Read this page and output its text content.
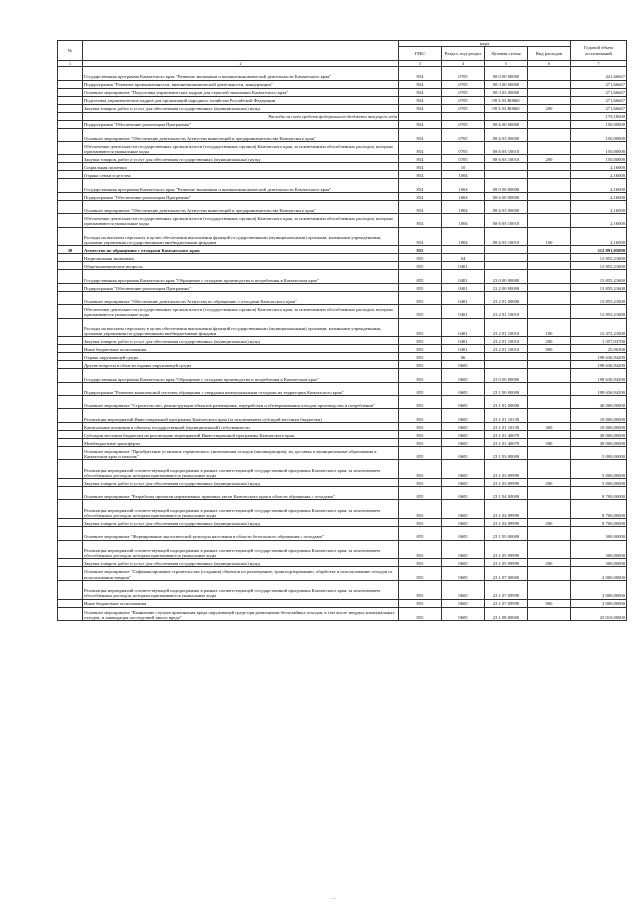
№		коды				Годовой объем ассигнований
		ГРБС	Раздел, под-раздел	Целевая статья	Вид расходов	
1	2	3	4	5	6	7
	Государственная программа Камчатского края "Развитие экономики и внешнеэкономической деятельности Камчатского края"	854	0705	08 0 00 00000		421,66667
	Подпрограмма "Развитие промышленности, внешнеэкономической деятельности, конкуренции"	854	0705	08 3 00 00000		271,66667
	Основное мероприятие "Подготовка управленческих кадров для отраслей экономики Камчатского края"	854	0705	08 3 03 00000		271,66667
	Подготовка управленческих кадров для организаций народного хозяйства Российской Федерации	854	0705	08 3 03 R0660		271,66667
	Закупка товаров, работ и услуг для обеспечения государственных (муниципальных) нужд	854	0705	08 3 03 R0660	200	271,66667
	Расходы за счет средств федерального бюджета текущего года					179,18000
	Подпрограмма "Обеспечение реализации Программы"	854	0705	08 6 00 00000		150,00000
	Основное мероприятие "Обеспечение деятельности Агентства инвестиций и предпринимательства Камчатского края"	854	0705	08 6 03 00000		150,00000
	Обеспечение деятельности государственных органов власти (государственных органов) Камчатского края, за исключением обособленных расходов, которым присваиваются уникальные коды	854	0705	08 6 03 10010		150,00000
	Закупка товаров, работ и услуг для обеспечения государственных (муниципальных) нужд	854	0705	08 6 03 10010	200	150,00000
	Социальная политика	854	10			2,16000
	Охрана семьи и детства	854	1004			2,16000
	Государственная программа Камчатского края "Развитие экономики и внешнеэкономической деятельности Камчатского края"	854	1004	08 0 00 00000		2,16000
	Подпрограмма "Обеспечение реализации Программы"	854	1004	08 6 00 00000		2,16000
	Основное мероприятие "Обеспечение деятельности Агентства инвестиций и предпринимательства Камчатского края"	854	1004	08 6 03 00000		2,16000
	Обеспечение деятельности государственных органов власти (государственных органов) Камчатского края, за исключением обособленных расходов, которым присваиваются уникальные коды	854	1004	08 6 03 10010		2,16000
	Расходы на выплаты персоналу в целях обеспечения выполнения функций государственными (муниципальными) органами, казенными учреждениями, органами управления государственными внебюджетными фондами	854	1004	08 6 03 10010	100	2,16000
38	Агентство по обращению с отходами Камчатского края	855				212 891,05890
	Национальная экономика	855	04			13 855,21600
	Общеэкономические вопросы	855	0401			13 855,21600
	Государственная программа Камчатского края "Обращение с отходами производства и потребления в Камчатском крае"	855	0401	23 0 00 00000		13 855,21600
	Подпрограмма "Обеспечение реализации Программы"	855	0401	23 2 00 00000		13 855,21600
	Основное мероприятие "Обеспечение деятельности Агентства по обращению с отходами Камчатского края"	855	0401	23 2 01 00000		13 855,21600
	Обеспечение деятельности государственных органов власти (государственных органов) Камчатского края, за исключением обособленных расходов, которым присваиваются уникальные коды	855	0401	23 2 01 10010		13 855,21600
	Расходы на выплаты персоналу в целях обеспечения выполнения функций государственными (муниципальными) органами, казенными учреждениями, органами управления государственными внебюджетными фондами	855	0401	23 2 01 10010	100	12 472,21600
	Закупка товаров, работ и услуг для обеспечения государственных (муниципальных) нужд	855	0401	23 2 01 10010	200	1 357,03700
	Иные бюджетные ассигнования	855	0401	23 2 01 10010	800	25,96300
	Охрана окружающей среды	855	06			198 636,94290
	Другие вопросы в области охраны окружающей среды	855	0605			198 636,94290
	Государственная программа Камчатского края "Обращение с отходами производства и потребления в Камчатском крае"	855	0605	23 0 00 00000		198 636,94290
	Подпрограмма "Развитие комплексной системы обращения с твердыми коммунальными отходами на территории Камчатского края"	855	0605	23 1 00 00000		198 636,94290
	Основное мероприятие "Строительство, реконструкция объектов размещения, переработки и обезвреживания отходов производства и потребления"	855	0605	23 1 01 00000		40 000,00000
	Реализация мероприятий Инвестиционной программы Камчатского края (за исключением субсидий местным бюджетам)	855	0605	23 1 01 10130		10 000,00000
	Капитальные вложения в объекты государственной (муниципальной) собственности	855	0605	23 1 01 10130	400	10 000,00000
	Субсидии местным бюджетам на реализацию мероприятий Инвестиционной программы Камчатского края	855	0605	23 1 01 40070		30 000,00000
	Межбюджетные трансферты	855	0605	23 1 01 40070	500	30 000,00000
	Основное мероприятие "Приобретение установок термического уничтожения отходов (инсинераторов), их доставка в муниципальные образования в Камчатском крае и монтаж"	855	0605	23 1 03 00000		5 000,00000
	Реализация мероприятий соответствующей подпрограммы в рамках соответствующей государственной программы Камчатского края, за исключением обособленных расходов, которым присваиваются уникальные коды	855	0605	23 1 03 09990		5 000,00000
	Закупка товаров, работ и услуг для обеспечения государственных (муниципальных) нужд	855	0605	23 1 03 09990	200	5 000,00000
	Основное мероприятие "Разработка проектов нормативных правовых актов Камчатского края в области обращения с отходами"	855	0605	23 1 04 00000		8 700,00000
	Реализация мероприятий соответствующей подпрограммы в рамках соответствующей государственной программы Камчатского края, за исключением обособленных расходов, которым присваиваются уникальные коды	855	0605	23 1 04 09990		8 700,00000
	Закупка товаров, работ и услуг для обеспечения государственных (муниципальных) нужд	855	0605	23 1 04 09990	200	8 700,00000
	Основное мероприятие "Формирование экологической культуры населения в области безопасного обращения с отходами"	855	0605	23 1 05 00000		300,00000
	Реализация мероприятий соответствующей подпрограммы в рамках соответствующей государственной программы Камчатского края, за исключением обособленных расходов, которым присваиваются уникальные коды	855	0605	23 1 05 09990		300,00000
	Закупка товаров, работ и услуг для обеспечения государственных (муниципальных) нужд	855	0605	23 1 05 09990	200	300,00000
	Основное мероприятие "Софинансирование строительства (создания) объектов по размещению, транспортированию, обработке и использованию отходов от использования товаров"	855	0605	23 1 07 00000		2 000,00000
	Реализация мероприятий соответствующей подпрограммы в рамках соответствующей государственной программы Камчатского края, за исключением обособленных расходов, которым присваиваются уникальные коды	855	0605	23 1 07 09990		2 000,00000
	Иные бюджетные ассигнования	855	0605	23 1 07 09990	800	2 000,00000
	Основное мероприятие "Выявление случаев причинения вреда окружающей среде при размещении бесхозяйных отходов, в том числе твердых коммунальных отходов, и ликвидация последствий такого вреда"	855	0605	23 1 08 00000		25 010,00000
—
